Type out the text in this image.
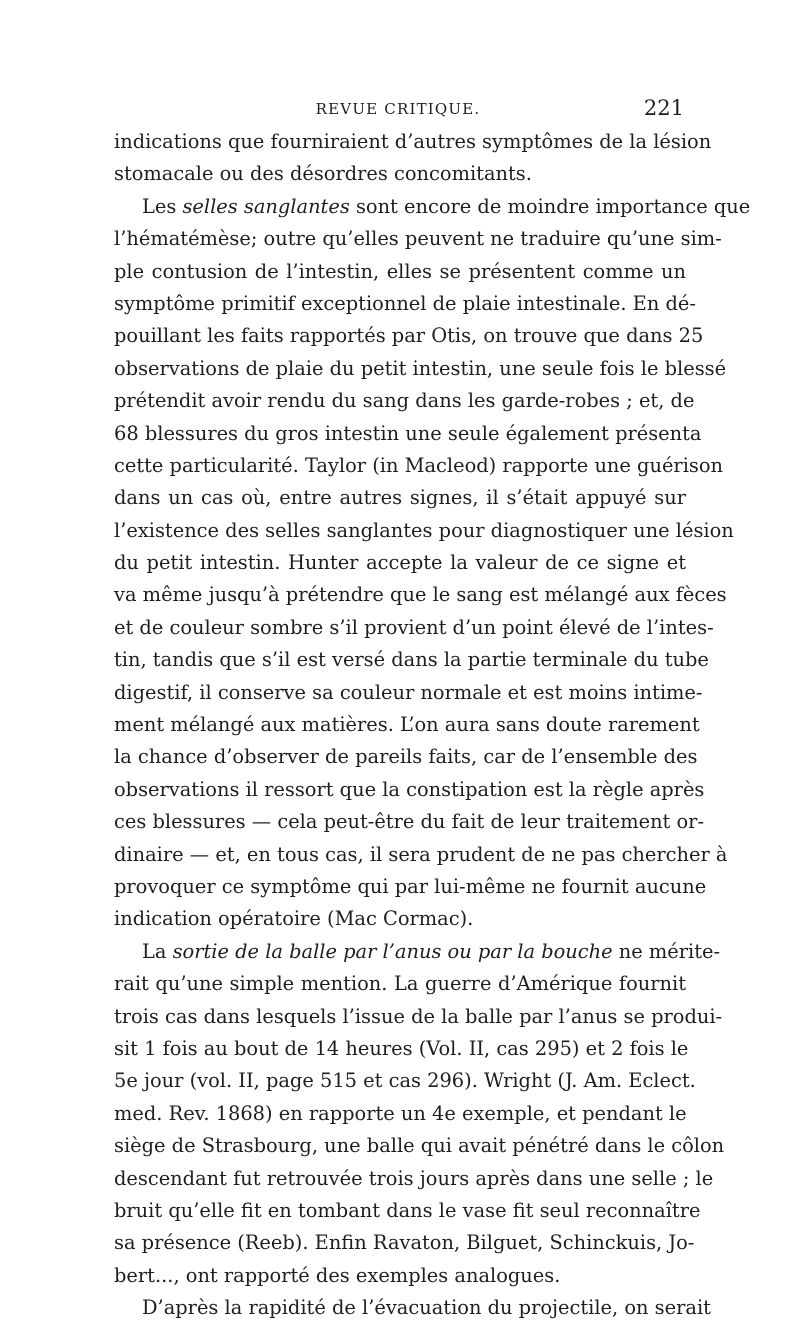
REVUE CRITIQUE.	221
indications que fourniraient d’autres symptômes de la lésion
stomacale ou des désordres concomitants.
Les selles sanglantes sont encore de moindre importance que
l’hématémèse; outre qu’elles peuvent ne traduire qu’une sim-
ple contusion de l’intestin, elles se présentent comme un
symptôme primitif exceptionnel de plaie intestinale. En dé-
pouillant les faits rapportés par Otis, on trouve que dans 25
observations de plaie du petit intestin, une seule fois le blessé
prétendit avoir rendu du sang dans les garde-robes ; et, de
68 blessures du gros intestin une seule également présenta
cette particularité. Taylor (in Macleod) rapporte une guérison
dans un cas où, entre autres signes, il s’était appuyé sur
l’existence des selles sanglantes pour diagnostiquer une lésion
du petit intestin. Hunter accepte la valeur de ce signe et
va même jusqu’à prétendre que le sang est mélangé aux fèces
et de couleur sombre s’il provient d’un point élevé de l’intes-
tin, tandis que s’il est versé dans la partie terminale du tube
digestif, il conserve sa couleur normale et est moins intime-
ment mélangé aux matières. L’on aura sans doute rarement
la chance d’observer de pareils faits, car de l’ensemble des
observations il ressort que la constipation est la règle après
ces blessures — cela peut-être du fait de leur traitement or-
dinaire — et, en tous cas, il sera prudent de ne pas chercher à
provoquer ce symptôme qui par lui-même ne fournit aucune
indication opératoire (Mac Cormac).
La sortie de la balle par l’anus ou par la bouche ne mérite-
rait qu’une simple mention. La guerre d’Amérique fournit
trois cas dans lesquels l’issue de la balle par l’anus se produi-
sit 1 fois au bout de 14 heures (Vol. II, cas 295) et 2 fois le
5e jour (vol. II, page 515 et cas 296). Wright (J. Am. Eclect.
med. Rev. 1868) en rapporte un 4e exemple, et pendant le
siège de Strasbourg, une balle qui avait pénétré dans le côlon
descendant fut retrouvée trois jours après dans une selle ; le
bruit qu’elle fit en tombant dans le vase fit seul reconnaître
sa présence (Reeb). Enfin Ravaton, Bilguet, Schinckuis, Jo-
bert..., ont rapporté des exemples analogues.
D’après la rapidité de l’évacuation du projectile, on serait
